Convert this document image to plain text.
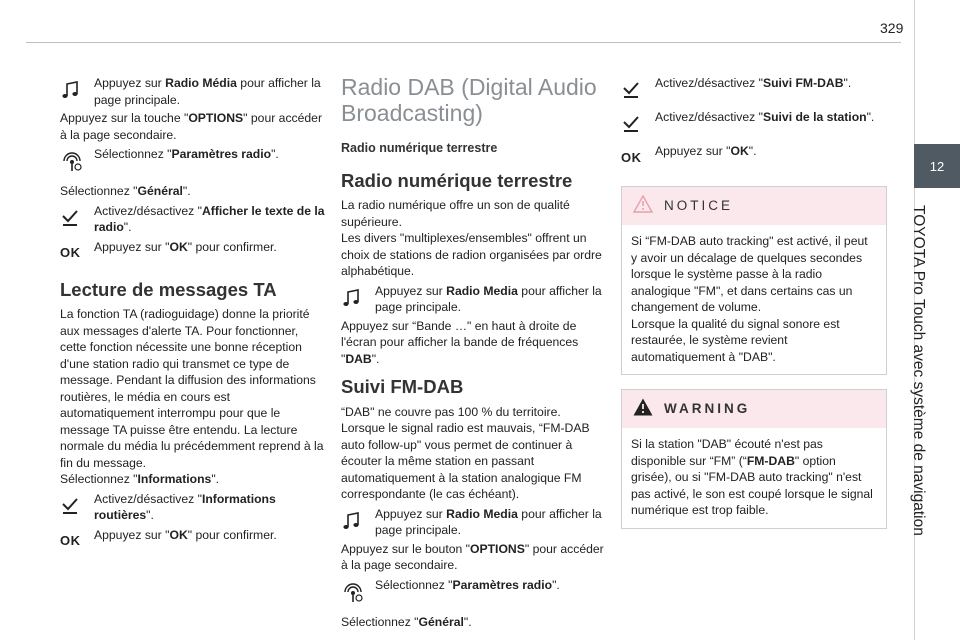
329
12
TOYOTA Pro Touch avec système de navigation
Appuyez sur Radio Média pour afficher la page principale.

Appuyez sur la touche "OPTIONS" pour accéder à la page secondaire.

Sélectionnez "Paramètres radio".

Sélectionnez "Général".

Activez/désactivez "Afficher le texte de la radio".
OK	Appuyez sur "OK" pour confirmer.
Lecture de messages TA

La fonction TA (radioguidage) donne la priorité aux messages d'alerte TA. Pour fonctionner, cette fonction nécessite une bonne réception d'une station radio qui transmet ce type de message. Pendant la diffusion des informations routières, le média en cours est automatiquement interrompu pour que le message TA puisse être entendu. La lecture normale du média lu précédemment reprend à la fin du message.

Sélectionnez "Informations".

Activez/désactivez "Informations routières".
OK	Appuyez sur "OK" pour confirmer.
Radio DAB (Digital Audio Broadcasting)
Radio numérique terrestre
Radio numérique terrestre

La radio numérique offre un son de qualité supérieure.

Les divers "multiplexes/ensembles" offrent un choix de stations de radion organisées par ordre alphabétique.

Appuyez sur Radio Media pour afficher la page principale.

Appuyez sur “Bande …" en haut à droite de l'écran pour afficher la bande de fréquences "DAB".

Suivi FM-DAB

“DAB" ne couvre pas 100 % du territoire.

Lorsque le signal radio est mauvais, “FM-DAB auto follow-up" vous permet de continuer à écouter la même station en passant automatiquement à la station analogique FM correspondante (le cas échéant).

Appuyez sur Radio Media pour afficher la page principale.

Appuyez sur le bouton "OPTIONS" pour accéder à la page secondaire.

Sélectionnez "Paramètres radio".

Sélectionnez "Général".

Activez/désactivez "Suivi FM-DAB".
Activez/désactivez "Suivi de la station".
OK	Appuyez sur "OK".
NOTICE

Si “FM-DAB auto tracking" est activé, il peut y avoir un décalage de quelques secondes lorsque le système passe à la radio analogique "FM", et dans certains cas un changement de volume.

Lorsque la qualité du signal sonore est restaurée, le système revient automatiquement à "DAB".

WARNING

Si la station "DAB" écouté n'est pas disponible sur “FM” (“FM-DAB" option grisée), ou si "FM-DAB auto tracking" n'est pas activé, le son est coupé lorsque le signal numérique est trop faible.
